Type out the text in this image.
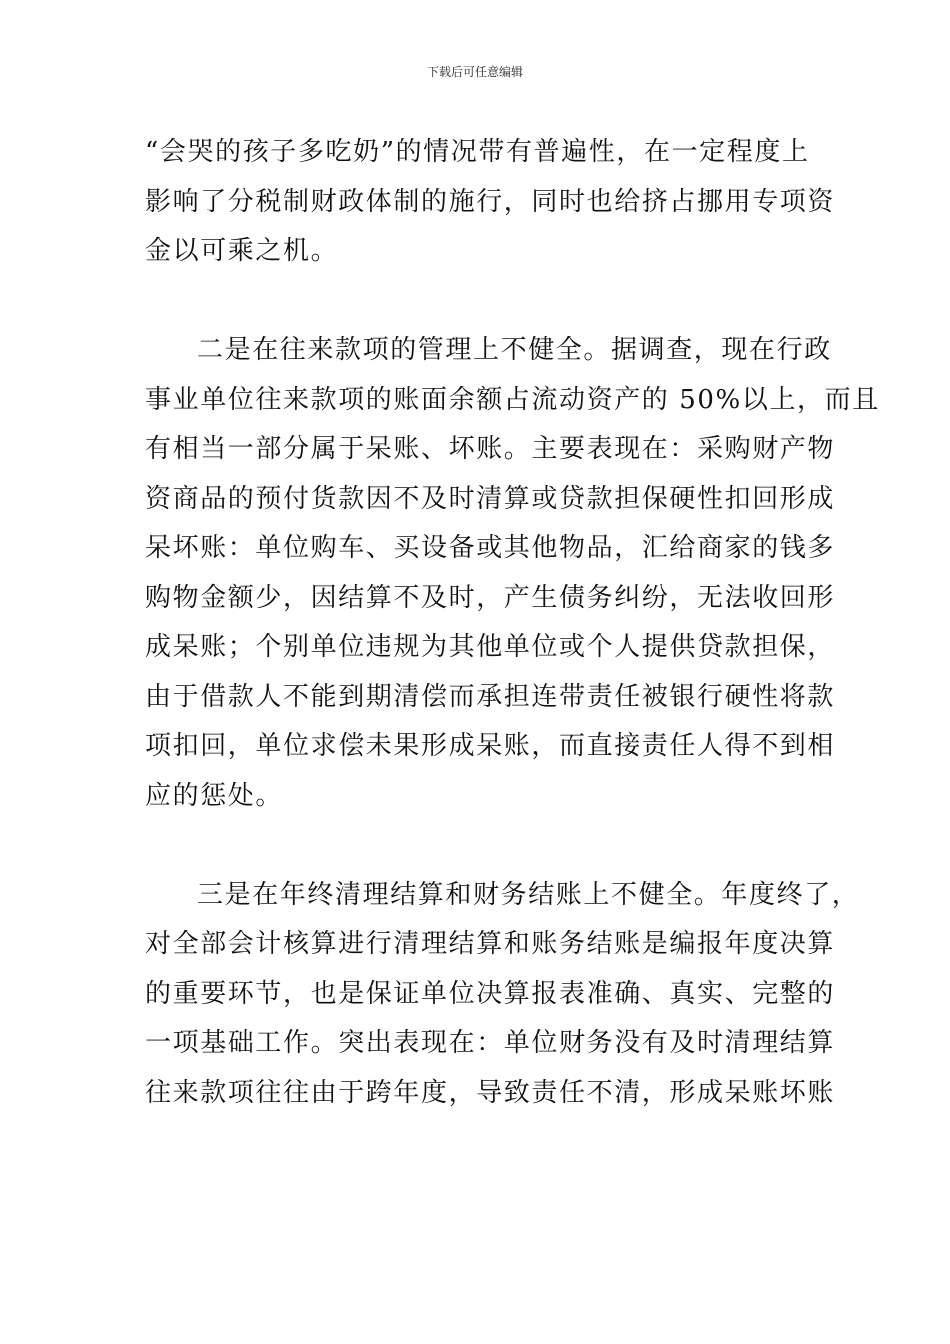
下载后可任意编辑
“会哭的孩子多吃奶”的情况带有普遍性，在一定程度上
影响了分税制财政体制的施行，同时也给挤占挪用专项资
金以可乘之机。
二是在往来款项的管理上不健全。据调查，现在行政
事业单位往来款项的账面余额占流动资产的 50%以上，而且
有相当一部分属于呆账、坏账。主要表现在：采购财产物
资商品的预付货款因不及时清算或贷款担保硬性扣回形成
呆坏账：单位购车、买设备或其他物品，汇给商家的钱多
购物金额少，因结算不及时，产生债务纠纷，无法收回形
成呆账；个别单位违规为其他单位或个人提供贷款担保，
由于借款人不能到期清偿而承担连带责任被银行硬性将款
项扣回，单位求偿未果形成呆账，而直接责任人得不到相
应的惩处。
三是在年终清理结算和财务结账上不健全。年度终了，
对全部会计核算进行清理结算和账务结账是编报年度决算
的重要环节，也是保证单位决算报表准确、真实、完整的
一项基础工作。突出表现在：单位财务没有及时清理结算
往来款项往往由于跨年度，导致责任不清，形成呆账坏账
